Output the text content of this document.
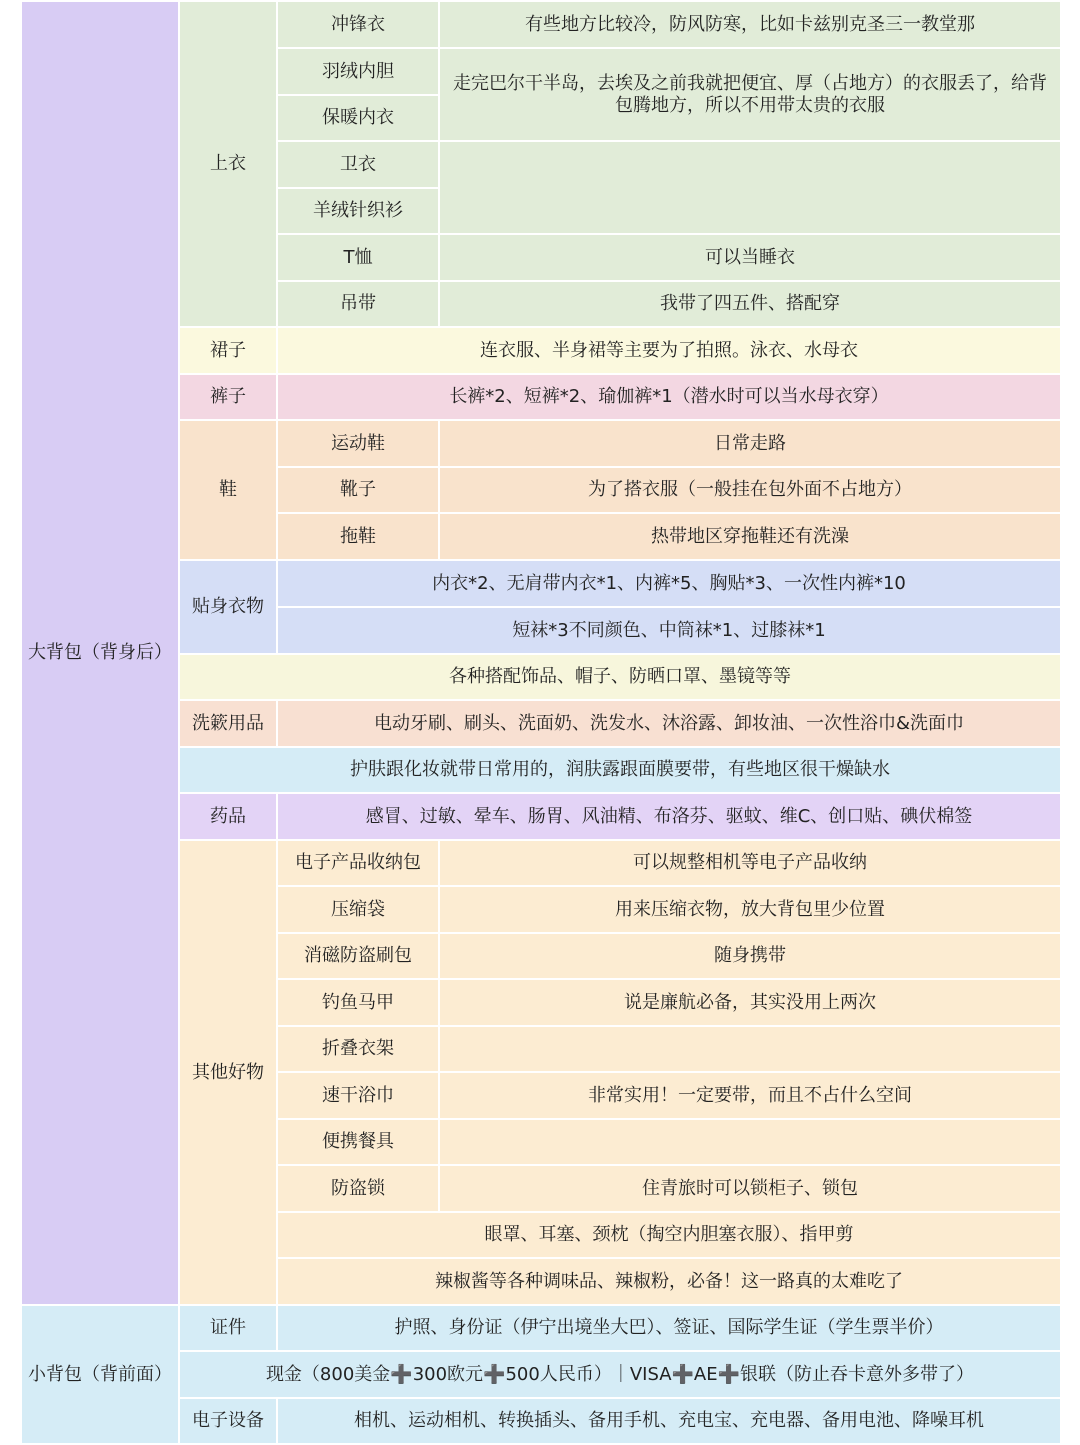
大背包（背身后）	上衣	冲锋衣	有些地方比较冷，防风防寒，比如卡兹别克圣三一教堂那
		羽绒内胆	走完巴尔干半岛，去埃及之前我就把便宜、厚（占地方）的衣服丢了，给背包腾地方，所以不用带太贵的衣服
		保暖内衣	
		卫衣	
		羊绒针织衫	
		T恤	可以当睡衣
		吊带	我带了四五件、搭配穿
	裙子	连衣服、半身裙等主要为了拍照。泳衣、水母衣	
	裤子	长裤*2、短裤*2、瑜伽裤*1（潜水时可以当水母衣穿）	
	鞋	运动鞋	日常走路
		靴子	为了搭衣服（一般挂在包外面不占地方）
		拖鞋	热带地区穿拖鞋还有洗澡
	贴身衣物	内衣*2、无肩带内衣*1、内裤*5、胸贴*3、一次性内裤*10	
		短袜*3不同颜色、中筒袜*1、过膝袜*1	
	各种搭配饰品、帽子、防晒口罩、墨镜等等		
	洗簌用品	电动牙刷、刷头、洗面奶、洗发水、沐浴露、卸妆油、一次性浴巾&洗面巾	
	护肤跟化妆就带日常用的，润肤露跟面膜要带，有些地区很干燥缺水		
	药品	感冒、过敏、晕车、肠胃、风油精、布洛芬、驱蚊、维C、创口贴、碘伏棉签	
	其他好物	电子产品收纳包	可以规整相机等电子产品收纳
		压缩袋	用来压缩衣物，放大背包里少位置
		消磁防盗刷包	随身携带
		钓鱼马甲	说是廉航必备，其实没用上两次
		折叠衣架	
		速干浴巾	非常实用！一定要带，而且不占什么空间
		便携餐具	
		防盗锁	住青旅时可以锁柜子、锁包
		眼罩、耳塞、颈枕（掏空内胆塞衣服）、指甲剪	
		辣椒酱等各种调味品、辣椒粉，必备！这一路真的太难吃了	
小背包（背前面）	证件	护照、身份证（伊宁出境坐大巴）、签证、国际学生证（学生票半价）	
	现金（800美金➕300欧元➕500人民币）｜VISA➕AE➕银联（防止吞卡意外多带了）		
	电子设备	相机、运动相机、转换插头、备用手机、充电宝、充电器、备用电池、降噪耳机	
